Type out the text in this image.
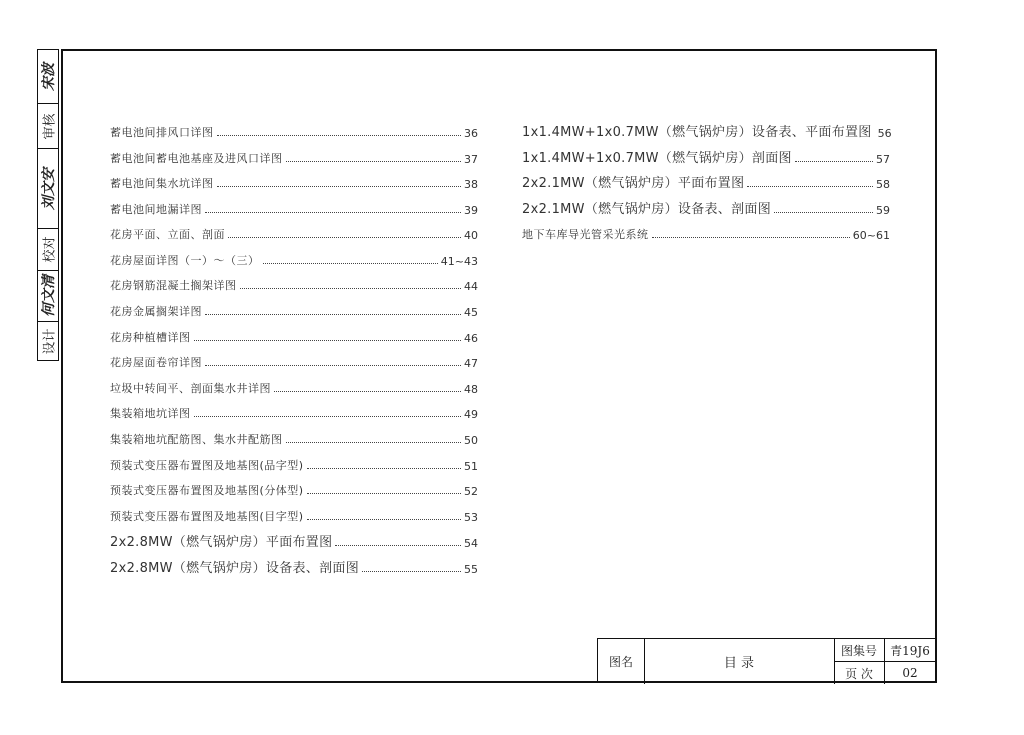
宋波
审核
刘文安
校对
何文清
设计
蓄电池间排风口详图	36
蓄电池间蓄电池基座及进风口详图	37
蓄电池间集水坑详图	38
蓄电池间地漏详图	39
花房平面、立面、剖面	40
花房屋面详图（一）～（三）	41~43
花房钢筋混凝土搁架详图	44
花房金属搁架详图	45
花房种植槽详图	46
花房屋面卷帘详图	47
垃圾中转间平、剖面集水井详图	48
集装箱地坑详图	49
集装箱地坑配筋图、集水井配筋图	50
预装式变压器布置图及地基图(品字型)	51
预装式变压器布置图及地基图(分体型)	52
预装式变压器布置图及地基图(目字型)	53
2x2.8MW（燃气锅炉房）平面布置图	54
2x2.8MW（燃气锅炉房）设备表、剖面图	55
1x1.4MW+1x0.7MW（燃气锅炉房）设备表、平面布置图 56
1x1.4MW+1x0.7MW（燃气锅炉房）剖面图	57
2x2.1MW（燃气锅炉房）平面布置图	58
2x2.1MW（燃气锅炉房）设备表、剖面图	59
地下车库导光管采光系统	60~61
图名	目 录
图集号	青19J6
页 次	02
